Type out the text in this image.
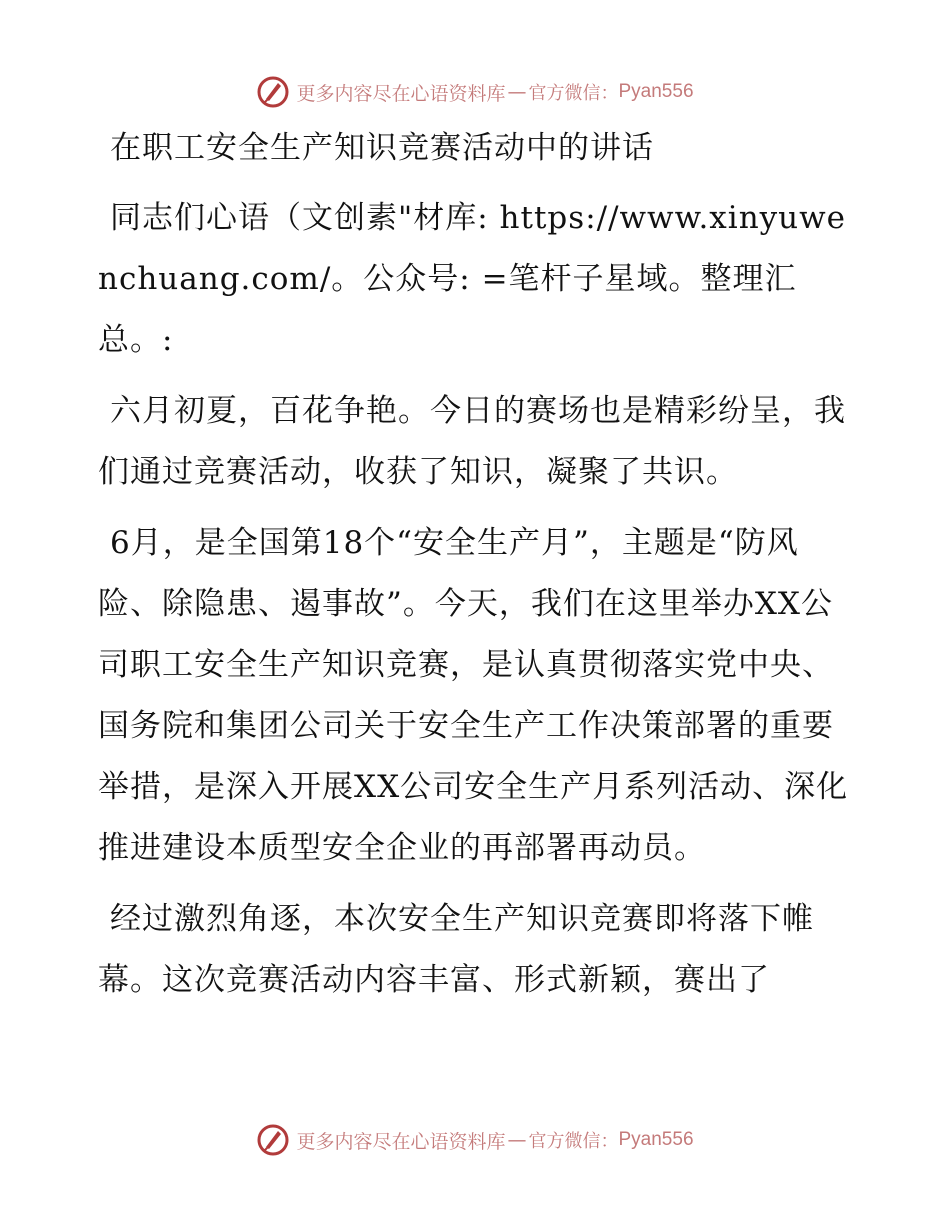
更多内容尽在心语资料库 — 官方微信： Pyan556
在职工安全生产知识竞赛活动中的讲话

同志们心语（文创素"材库: https://www.xinyuwenchuang.com/。公众号: =笔杆子星域。整理汇总。:

六月初夏，百花争艳。今日的赛场也是精彩纷呈，我们通过竞赛活动，收获了知识，凝聚了共识。

6月，是全国第18个“安全生产月”，主题是“防风险、除隐患、遏事故”。今天，我们在这里举办XX公司职工安全生产知识竞赛，是认真贯彻落实党中央、国务院和集团公司关于安全生产工作决策部署的重要举措，是深入开展XX公司安全生产月系列活动、深化推进建设本质型安全企业的再部署再动员。

经过激烈角逐，本次安全生产知识竞赛即将落下帷幕。这次竞赛活动内容丰富、形式新颖，赛出了

更多内容尽在心语资料库 — 官方微信： Pyan556
